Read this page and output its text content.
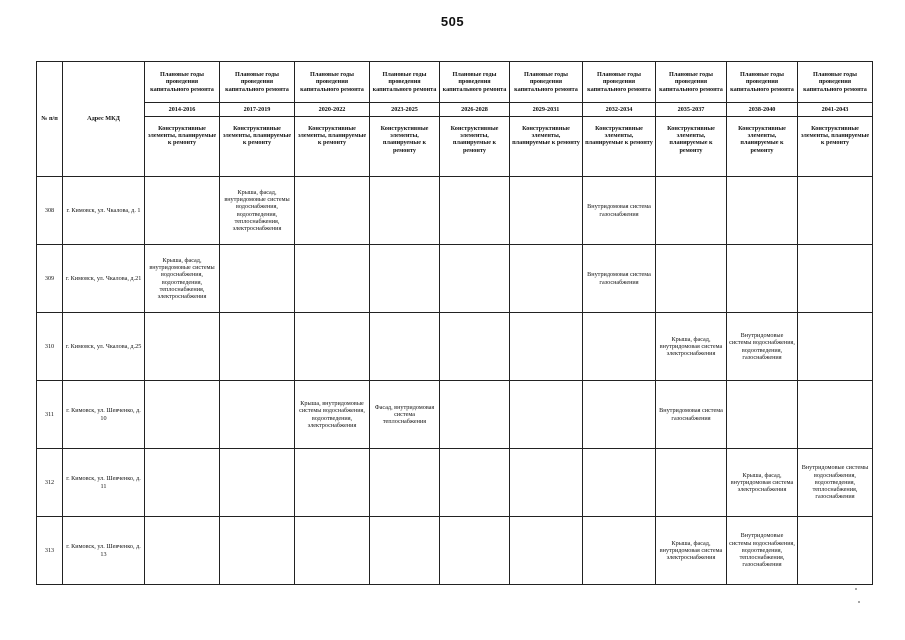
505
№ п/п	Адрес МКД	Плановые годы проведения капитального ремонта	Плановые годы проведения капитального ремонта	Плановые годы проведения капитального ремонта	Плановые годы проведения капитального ремонта	Плановые годы проведения капитального ремонта	Плановые годы проведения капитального ремонта	Плановые годы проведения капитального ремонта	Плановые годы проведения капитального ремонта	Плановые годы проведения капитального ремонта	Плановые годы проведения капитального ремонта
		2014-2016	2017-2019	2020-2022	2023-2025	2026-2028	2029-2031	2032-2034	2035-2037	2038-2040	2041-2043
		Конструктивные элементы, планируемые к ремонту	Конструктивные элементы, планируемые к ремонту	Конструктивные элементы, планируемые к ремонту	Конструктивные элементы, планируемые к ремонту	Конструктивные элементы, планируемые к ремонту	Конструктивные элементы, планируемые к ремонту	Конструктивные элементы, планируемые к ремонту	Конструктивные элементы, планируемые к ремонту	Конструктивные элементы, планируемые к ремонту	Конструктивные элементы, планируемые к ремонту
308	г. Кимовск, ул. Чкалова, д. 1		Крыша, фасад, внутридомовые системы водоснабжения, водоотведения, теплоснабжения, электроснабжения					Внутридомовая система газоснабжения			
309	г. Кимовск, ул. Чкалова, д.21	Крыша, фасад, внутридомовые системы водоснабжения, водоотведения, теплоснабжения, электроснабжения						Внутридомовая система газоснабжения			
310	г. Кимовск, ул. Чкалова, д.25								Крыша, фасад, внутридомовая система электроснабжения	Внутридомовые системы водоснабжения, водоотведения, газоснабжения	
311	г. Кимовск, ул. Шевченко, д. 10			Крыша, внутридомовые системы водоснабжения, водоотведения, электроснабжения	Фасад, внутридомовая система теплоснабжения				Внутридомовая система газоснабжения		
312	г. Кимовск, ул. Шевченко, д. 11									Крыша, фасад, внутридомовая система электроснабжения	Внутридомовые системы водоснабжения, водоотведения, теплоснабжения, газоснабжения
313	г. Кимовск, ул. Шевченко, д. 13								Крыша, фасад, внутридомовая система электроснабжения	Внутридомовые системы водоснабжения, водоотведения, теплоснабжения, газоснабжения	
